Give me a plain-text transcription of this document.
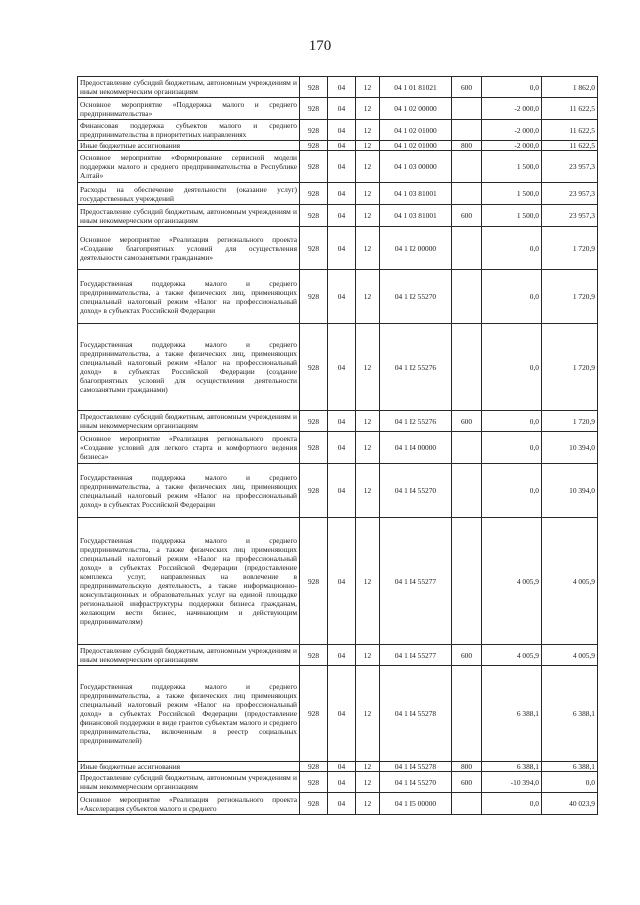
170
Предоставление субсидий бюджетным, автономным учреждениям и иным некоммерческим организациям	928	04	12	04 1 01 81021	600	0,0	1 862,0
Основное мероприятие «Поддержка малого и среднего предпринимательства»	928	04	12	04 1 02 00000		-2 000,0	11 622,5
Финансовая поддержка субъектов малого и среднего предпринимательства в приоритетных направлениях	928	04	12	04 1 02 01000		-2 000,0	11 622,5
Иные бюджетные ассигнования	928	04	12	04 1 02 01000	800	-2 000,0	11 622,5
Основное мероприятие «Формирование сервисной модели поддержки малого и среднего предпринимательства в Республике Алтай»	928	04	12	04 1 03 00000		1 500,0	23 957,3
Расходы на обеспечение деятельности (оказание услуг) государственных учреждений	928	04	12	04 1 03 81001		1 500,0	23 957,3
Предоставление субсидий бюджетным, автономным учреждениям и иным некоммерческим организациям	928	04	12	04 1 03 81001	600	1 500,0	23 957,3
Основное мероприятие «Реализация регионального проекта «Создание благоприятных условий для осуществления деятельности самозанятыми гражданами»	928	04	12	04 1 I2 00000		0,0	1 720,9
Государственная поддержка малого и среднего предпринимательства, а также физических лиц, применяющих специальный налоговый режим «Налог на профессиональный доход» в субъектах Российской Федерации	928	04	12	04 1 I2 55270		0,0	1 720,9
Государственная поддержка малого и среднего предпринимательства, а также физических лиц, применяющих специальный налоговый режим «Налог на профессиональный доход» в субъектах Российской Федерации (создание благоприятных условий для осуществления деятельности самозанятыми гражданами)	928	04	12	04 1 I2 55276		0,0	1 720,9
Предоставление субсидий бюджетным, автономным учреждениям и иным некоммерческим организациям	928	04	12	04 1 I2 55276	600	0,0	1 720,9
Основное мероприятие «Реализация регионального проекта «Создание условий для легкого старта и комфортного ведения бизнеса»	928	04	12	04 1 I4 00000		0,0	10 394,0
Государственная поддержка малого и среднего предпринимательства, а также физических лиц, применяющих специальный налоговый режим «Налог на профессиональный доход» в субъектах Российской Федерации	928	04	12	04 1 I4 55270		0,0	10 394,0
Государственная поддержка малого и среднего предпринимательства, а также физических лиц применяющих специальный налоговый режим «Налог на профессиональный доход» в субъектах Российской Федерации (предоставление комплекса услуг, направленных на вовлечение в предпринимательскую деятельность, а также информационно-консультационных и образовательных услуг на единой площадке региональной инфраструктуры поддержки бизнеса гражданам, желающим вести бизнес, начинающим и действующим предпринимателям)	928	04	12	04 1 I4 55277		4 005,9	4 005,9
Предоставление субсидий бюджетным, автономным учреждениям и иным некоммерческим организациям	928	04	12	04 1 I4 55277	600	4 005,9	4 005,9
Государственная поддержка малого и среднего предпринимательства, а также физических лиц применяющих специальный налоговый режим «Налог на профессиональный доход» в субъектах Российской Федерации (предоставление финансовой поддержки в виде грантов субъектам малого и среднего предпринимательства, включенным в реестр социальных предпринимателей)	928	04	12	04 1 I4 55278		6 388,1	6 388,1
Иные бюджетные ассигнования	928	04	12	04 1 I4 55278	800	6 388,1	6 388,1
Предоставление субсидий бюджетным, автономным учреждениям и иным некоммерческим организациям	928	04	12	04 1 I4 55270	600	-10 394,0	0,0
Основное мероприятие «Реализация регионального проекта «Акселерация субъектов малого и среднего	928	04	12	04 1 I5 00000		0,0	40 023,9
